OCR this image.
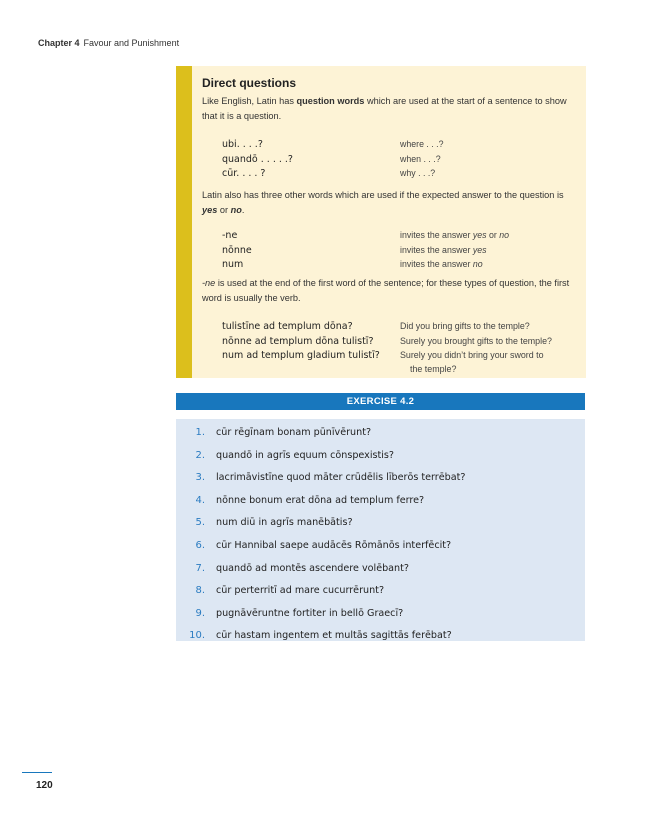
Chapter 4 Favour and Punishment
Direct questions

Like English, Latin has question words which are used at the start of a sentence to show that it is a question.

ubi. . . .?	where . . .?
quandō . . . . .?	when . . .?
cūr. . . . ?	why . . .?

Latin also has three other words which are used if the expected answer to the question is yes or no.

-ne	invites the answer yes or no
nōnne	invites the answer yes
num	invites the answer no

-ne is used at the end of the first word of the sentence; for these types of question, the first word is usually the verb.

tulistīne ad templum dōna?	Did you bring gifts to the temple?
nōnne ad templum dōna tulistī?	Surely you brought gifts to the temple?
num ad templum gladium tulistī? Surely you didn’t bring your sword to
the temple?
EXERCISE 4.2
1. cūr rēgīnam bonam pūnīvērunt?
2. quandō in agrīs equum cōnspexistis?
3. lacrimāvistīne quod māter crūdēlis līberōs terrēbat?
4. nōnne bonum erat dōna ad templum ferre?
5. num diū in agrīs manēbātis?
6. cūr Hannibal saepe audācēs Rōmānōs interfēcit?
7. quandō ad montēs ascendere volēbant?
8. cūr perterritī ad mare cucurrērunt?
9. pugnāvēruntne fortiter in bellō Graecī?
10. cūr hastam ingentem et multās sagittās ferēbat?
120
